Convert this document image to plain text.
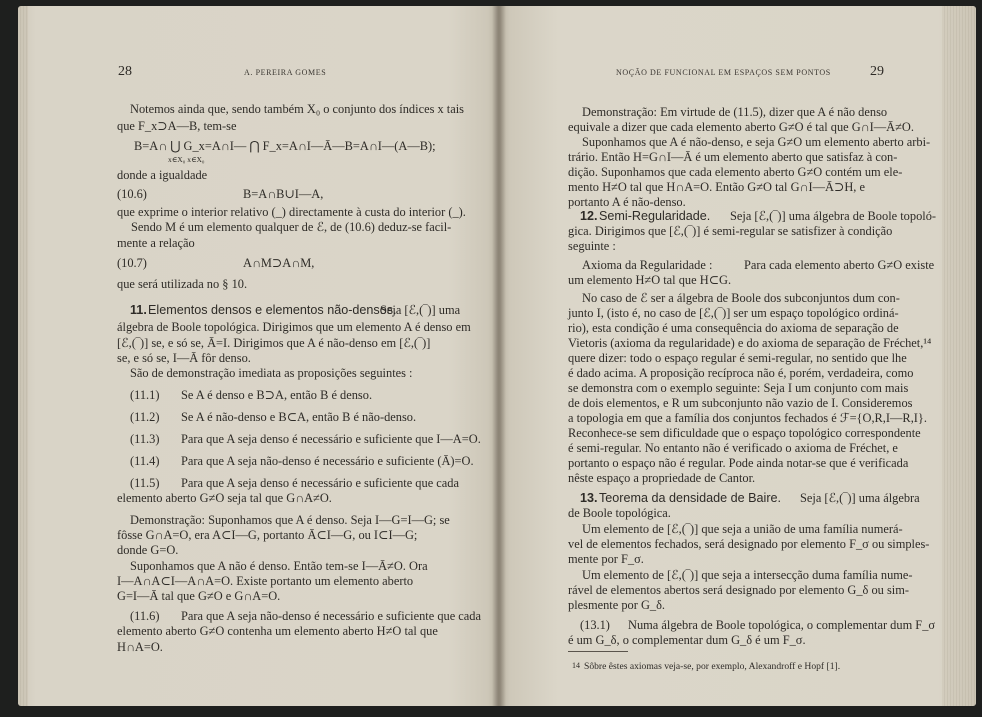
28	A. PEREIRA GOMES
Notemos ainda que, sendo também X₀ o conjunto dos índices x tais
que F_x⊃A—B, tem-se
B=A∩ ⋃ G_x=A∩I— ⋂ F_x=A∩I—Ā—B=A∩I—(A—B);
x∈X₀ x∈X₀
donde a igualdade
(10.6)	B=A∩B∪I—A,
que exprime o interior relativo (_) directamente à custa do interior (_).
Sendo M é um elemento qualquer de ℰ, de (10.6) deduz-se facil-
mente a relação
(10.7)	A∩M⊃A∩M,
que será utilizada no § 10.
11. Elementos densos e elementos não-densos.
Seja [ℰ,(‾)] uma
álgebra de Boole topológica. Dirigimos que um elemento A é denso em
[ℰ,(‾)] se, e só se, Ā=I. Dirigimos que A é não-denso em [ℰ,(‾)]
se, e só se, I—Ā fôr denso.
São de demonstração imediata as proposições seguintes :
(11.1) Se A é denso e B⊃A, então B é denso.
(11.2) Se A é não-denso e B⊂A, então B é não-denso.
(11.3) Para que A seja denso é necessário e suficiente que I—A=O.
(11.4) Para que A seja não-denso é necessário e suficiente (Ā)=O.
(11.5) Para que A seja denso é necessário e suficiente que cada
elemento aberto G≠O seja tal que G∩A≠O.
Demonstração: Suponhamos que A é denso. Seja I—G=I—G; se
fôsse G∩A=O, era A⊂I—G, portanto Ā⊂I—G, ou I⊂I—G;
donde G=O.
Suponhamos que A não é denso. Então tem-se I—Ā≠O. Ora
I—A∩A⊂I—A∩A=O. Existe portanto um elemento aberto
G=I—Ā tal que G≠O e G∩A=O.
(11.6) Para que A seja não-denso é necessário e suficiente que cada
elemento aberto G≠O contenha um elemento aberto H≠O tal que
H∩A=O.
NOÇÃO DE FUNCIONAL EM ESPAÇOS SEM PONTOS	29
Demonstração: Em virtude de (11.5), dizer que A é não denso
equivale a dizer que cada elemento aberto G≠O é tal que G∩I—Ā≠O.
Suponhamos que A é não-denso, e seja G≠O um elemento aberto arbi-
trário. Então H=G∩I—Ā é um elemento aberto que satisfaz à con-
dição. Suponhamos que cada elemento aberto G≠O contém um ele-
mento H≠O tal que H∩A=O. Então G≠O tal G∩I—Ā⊃H, e
portanto A é não-denso.
12. Semi-Regularidade. Seja [ℰ,(‾)] uma álgebra de Boole topoló-
gica. Dirigimos que [ℰ,(‾)] é semi-regular se satisfizer à condição
seguinte :
Axioma da Regularidade :	Para cada elemento aberto G≠O existe
um elemento H≠O tal que H⊂G.
No caso de ℰ ser a álgebra de Boole dos subconjuntos dum con-
junto I, (isto é, no caso de [ℰ,(‾)] ser um espaço topológico ordiná-
rio), esta condição é uma consequência do axioma de separação de
Vietoris (axioma da regularidade) e do axioma de separação de Fréchet,¹⁴
quere dizer: todo o espaço regular é semi-regular, no sentido que lhe
é dado acima. A proposição recíproca não é, porém, verdadeira, como
se demonstra com o exemplo seguinte: Seja I um conjunto com mais
de dois elementos, e R um subconjunto não vazio de I. Consideremos
a topologia em que a família dos conjuntos fechados é ℱ={O,R,I—R,I}.
Reconhece-se sem dificuldade que o espaço topológico correspondente
é semi-regular. No entanto não é verificado o axioma de Fréchet, e
portanto o espaço não é regular. Pode ainda notar-se que é verificada
nêste espaço a propriedade de Cantor.
13. Teorema da densidade de Baire. Seja [ℰ,(‾)] uma álgebra
de Boole topológica.
Um elemento de [ℰ,(‾)] que seja a união de uma família numerá-
vel de elementos fechados, será designado por elemento F_σ ou simples-
mente por F_σ.
Um elemento de [ℰ,(‾)] que seja a intersecção duma família nume-
rável de elementos abertos será designado por elemento G_δ ou sim-
plesmente por G_δ.
(13.1) Numa álgebra de Boole topológica, o complementar dum F_σ
é um G_δ, o complementar dum G_δ é um F_σ.
$^{14}$ Sôbre êstes axiomas veja-se, por exemplo, Alexandroff e Hopf [1].
